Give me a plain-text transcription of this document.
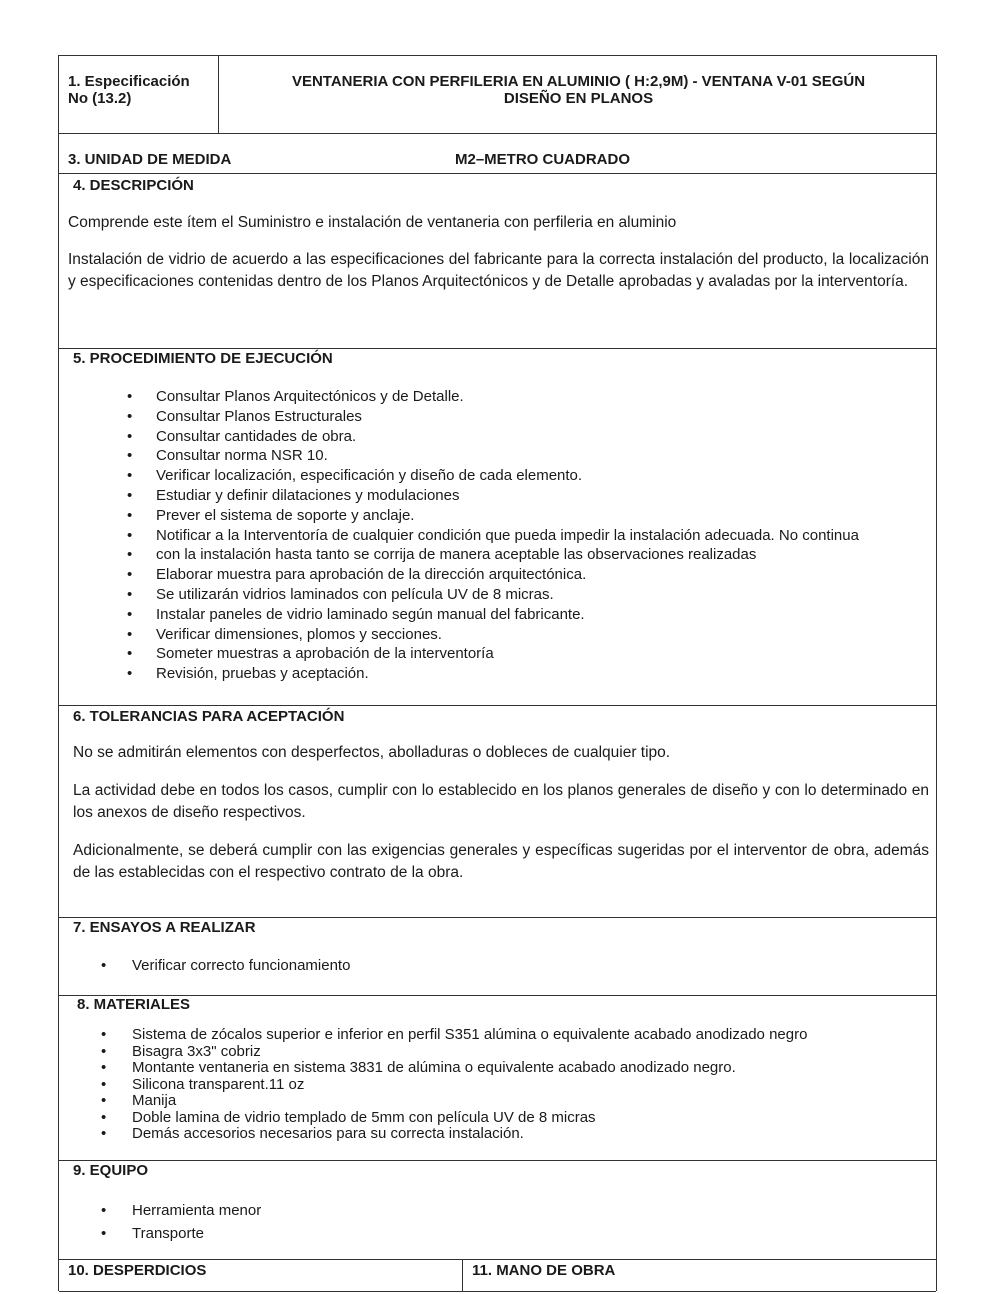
1. Especificación
No (13.2)
VENTANERIA CON PERFILERIA EN ALUMINIO ( H:2,9M) - VENTANA V-01 SEGÚN
DISEÑO EN PLANOS
3. UNIDAD DE MEDIDA	M2–METRO CUADRADO
4. DESCRIPCIÓN
Comprende este ítem el Suministro e instalación de ventaneria con perfileria en aluminio
Instalación de vidrio de acuerdo a las especificaciones del fabricante para la correcta instalación del producto, la localización y especificaciones contenidas dentro de los Planos Arquitectónicos y de Detalle aprobadas y avaladas por la interventoría.
5. PROCEDIMIENTO DE EJECUCIÓN
•	Consultar Planos Arquitectónicos y de Detalle.
•	Consultar Planos Estructurales
•	Consultar cantidades de obra.
•	Consultar norma NSR 10.
•	Verificar localización, especificación y diseño de cada elemento.
•	Estudiar y definir dilataciones y modulaciones
•	Prever el sistema de soporte y anclaje.
•	Notificar a la Interventoría de cualquier condición que pueda impedir la instalación adecuada. No continua
•	con la instalación hasta tanto se corrija de manera aceptable las observaciones realizadas
•	Elaborar muestra para aprobación de la dirección arquitectónica.
•	Se utilizarán vidrios laminados con película UV de 8 micras.
•	Instalar paneles de vidrio laminado según manual del fabricante.
•	Verificar dimensiones, plomos y secciones.
•	Someter muestras a aprobación de la interventoría
•	Revisión, pruebas y aceptación.
6. TOLERANCIAS PARA ACEPTACIÓN
No se admitirán elementos con desperfectos, abolladuras o dobleces de cualquier tipo.
La actividad debe en todos los casos, cumplir con lo establecido en los planos generales de diseño y con lo determinado en los anexos de diseño respectivos.
Adicionalmente, se deberá cumplir con las exigencias generales y específicas sugeridas por el interventor de obra, además de las establecidas con el respectivo contrato de la obra.
7. ENSAYOS A REALIZAR
•	Verificar correcto funcionamiento
8. MATERIALES
•	Sistema de zócalos superior e inferior en perfil S351 alúmina o equivalente acabado anodizado negro
•	Bisagra 3x3" cobriz
•	Montante ventaneria en sistema 3831 de alúmina o equivalente acabado anodizado negro.
•	Silicona transparent.11 oz
•	Manija
•	Doble lamina de vidrio templado de 5mm con película UV de 8 micras
•	Demás accesorios necesarios para su correcta instalación.
9. EQUIPO
•	Herramienta menor
•	Transporte
10. DESPERDICIOS	11. MANO DE OBRA
